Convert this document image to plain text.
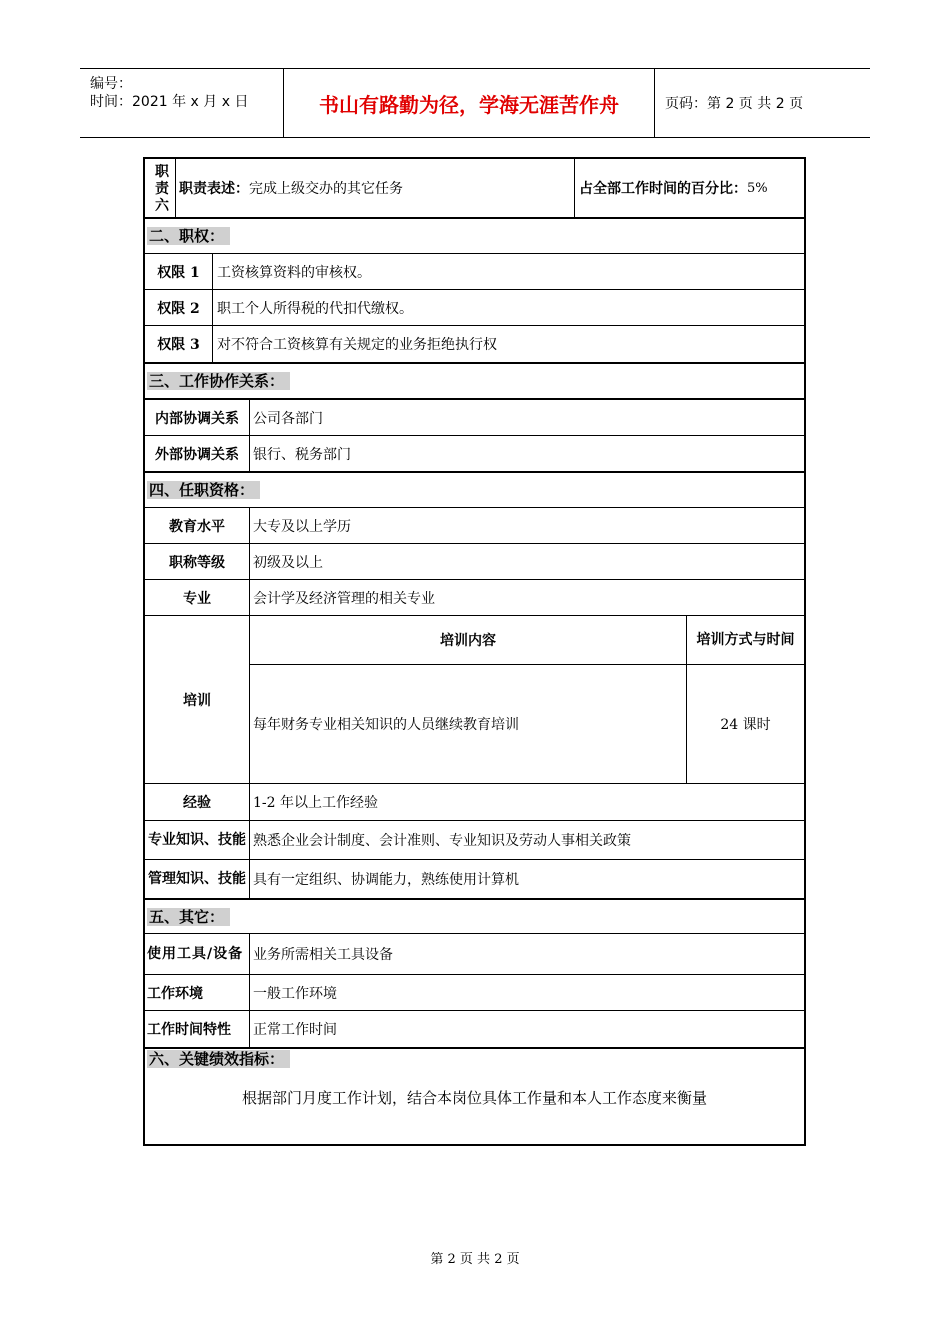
编号：
时间：2021 年 x 月 x 日	书山有路勤为径，学海无涯苦作舟	页码：第 2 页 共 2 页
职责六
职责表述： 完成上级交办的其它任务	占全部工作时间的百分比： 5%
二、职权：
权限 1	工资核算资料的审核权。
权限 2	职工个人所得税的代扣代缴权。
权限 3	对不符合工资核算有关规定的业务拒绝执行权
三、工作协作关系：
内部协调关系	公司各部门
外部协调关系	银行、税务部门
四、任职资格：
教育水平	大专及以上学历
职称等级	初级及以上
专业	会计学及经济管理的相关专业
培训
培训内容	培训方式与时间
每年财务专业相关知识的人员继续教育培训	24 课时
经验	1-2 年以上工作经验
专业知识、技能 熟悉企业会计制度、会计准则、专业知识及劳动人事相关政策
管理知识、技能 具有一定组织、协调能力，熟练使用计算机
五、其它：
使用工具/设备 业务所需相关工具设备
工作环境	一般工作环境
工作时间特性	正常工作时间
六、关键绩效指标：
根据部门月度工作计划，结合本岗位具体工作量和本人工作态度来衡量
第 2 页 共 2 页
